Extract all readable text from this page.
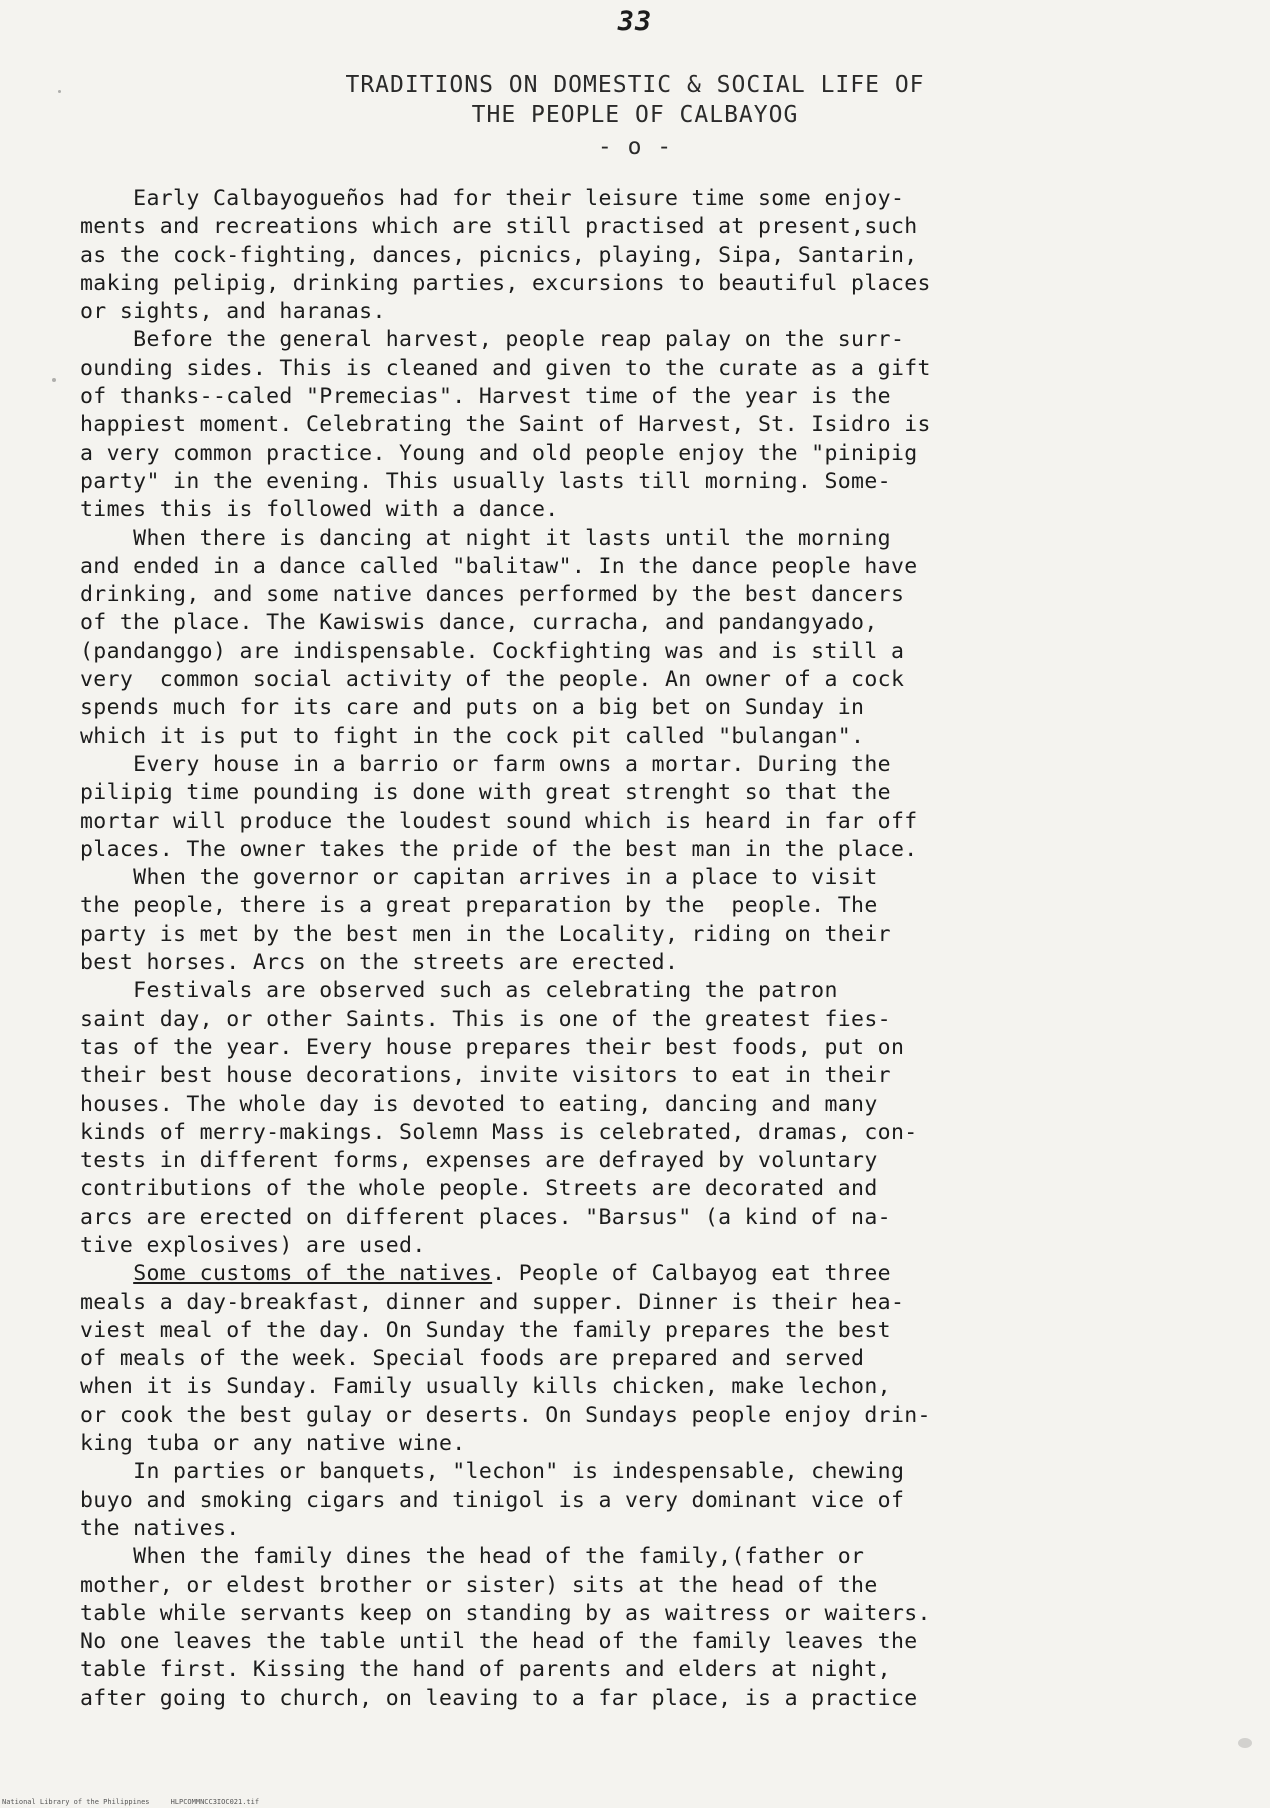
33
TRADITIONS ON DOMESTIC & SOCIAL LIFE OF
THE PEOPLE OF CALBAYOG
- o -
Early Calbayogueños had for their leisure time some enjoy-
ments and recreations which are still practised at present,such
as the cock-fighting, dances, picnics, playing, Sipa, Santarin,
making pelipig, drinking parties, excursions to beautiful places
or sights, and haranas.
Before the general harvest, people reap palay on the surr-
ounding sides. This is cleaned and given to the curate as a gift
of thanks--caled "Premecias". Harvest time of the year is the
happiest moment. Celebrating the Saint of Harvest, St. Isidro is
a very common practice. Young and old people enjoy the "pinipig
party" in the evening. This usually lasts till morning. Some-
times this is followed with a dance.
When there is dancing at night it lasts until the morning
and ended in a dance called "balitaw". In the dance people have
drinking, and some native dances performed by the best dancers
of the place. The Kawiswis dance, curracha, and pandangyado,
(pandanggo) are indispensable. Cockfighting was and is still a
very  common social activity of the people. An owner of a cock
spends much for its care and puts on a big bet on Sunday in
which it is put to fight in the cock pit called "bulangan".
Every house in a barrio or farm owns a mortar. During the
pilipig time pounding is done with great strenght so that the
mortar will produce the loudest sound which is heard in far off
places. The owner takes the pride of the best man in the place.
When the governor or capitan arrives in a place to visit
the people, there is a great preparation by the  people. The
party is met by the best men in the Locality, riding on their
best horses. Arcs on the streets are erected.
Festivals are observed such as celebrating the patron
saint day, or other Saints. This is one of the greatest fies-
tas of the year. Every house prepares their best foods, put on
their best house decorations, invite visitors to eat in their
houses. The whole day is devoted to eating, dancing and many
kinds of merry-makings. Solemn Mass is celebrated, dramas, con-
tests in different forms, expenses are defrayed by voluntary
contributions of the whole people. Streets are decorated and
arcs are erected on different places. "Barsus" (a kind of na-
tive explosives) are used.
Some customs of the natives. People of Calbayog eat three
meals a day-breakfast, dinner and supper. Dinner is their hea-
viest meal of the day. On Sunday the family prepares the best
of meals of the week. Special foods are prepared and served
when it is Sunday. Family usually kills chicken, make lechon,
or cook the best gulay or deserts. On Sundays people enjoy drin-
king tuba or any native wine.
In parties or banquets, "lechon" is indespensable, chewing
buyo and smoking cigars and tinigol is a very dominant vice of
the natives.
When the family dines the head of the family,(father or
mother, or eldest brother or sister) sits at the head of the
table while servants keep on standing by as waitress or waiters.
No one leaves the table until the head of the family leaves the
table first. Kissing the hand of parents and elders at night,
after going to church, on leaving to a far place, is a practice
National Library of the Philippines     HLPCOMMNCC3IOC021.tif
